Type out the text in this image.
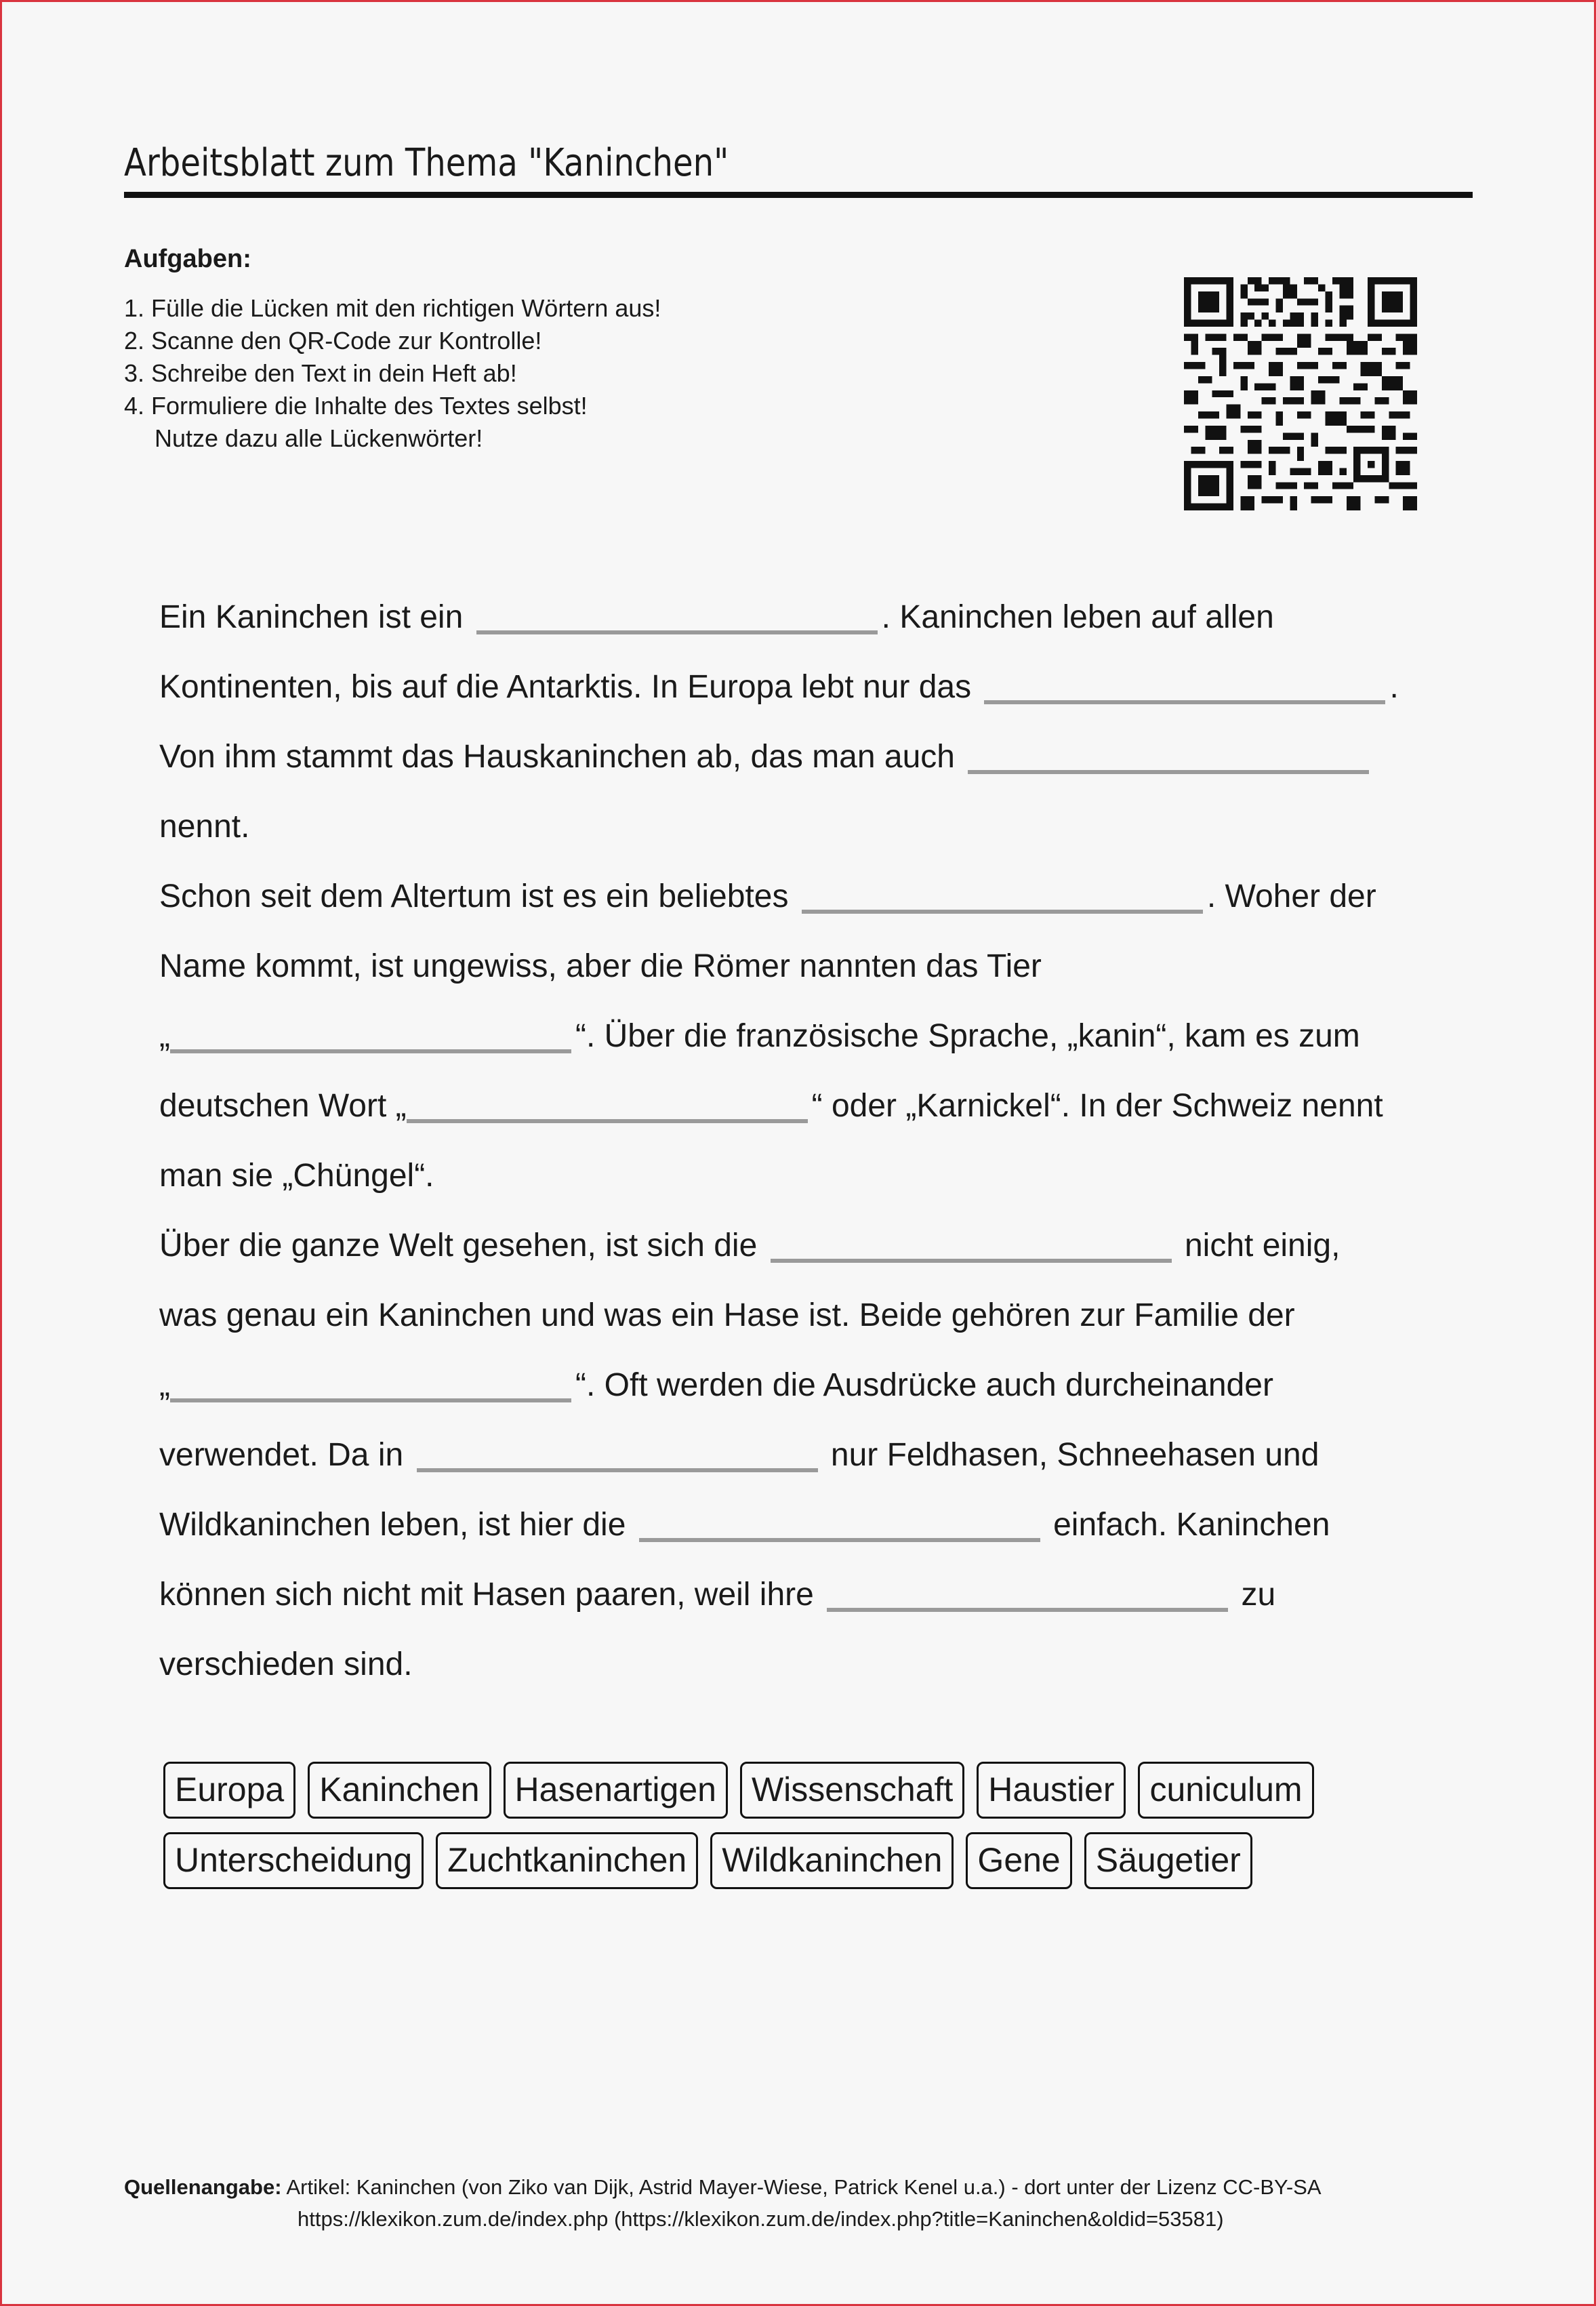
Arbeitsblatt zum Thema "Kaninchen"
Aufgaben:
1. Fülle die Lücken mit den richtigen Wörtern aus!
2. Scanne den QR-Code zur Kontrolle!
3. Schreibe den Text in dein Heft ab!
4. Formuliere die Inhalte des Textes selbst!
Nutze dazu alle Lückenwörter!
Ein Kaninchen ist ein	. Kaninchen leben auf allen
Kontinenten, bis auf die Antarktis. In Europa lebt nur das	.
Von ihm stammt das Hauskaninchen ab, das man auch
nennt.
Schon seit dem Altertum ist es ein beliebtes	. Woher der
Name kommt, ist ungewiss, aber die Römer nannten das Tier
„	“. Über die französische Sprache, „kanin“, kam es zum
deutschen Wort „	“ oder „Karnickel“. In der Schweiz nennt
man sie „Chüngel“.
Über die ganze Welt gesehen, ist sich die	nicht einig,
was genau ein Kaninchen und was ein Hase ist. Beide gehören zur Familie der
„	“. Oft werden die Ausdrücke auch durcheinander
verwendet. Da in	nur Feldhasen, Schneehasen und
Wildkaninchen leben, ist hier die	einfach. Kaninchen
können sich nicht mit Hasen paaren, weil ihre	zu
verschieden sind.
Europa	Kaninchen	Hasenartigen	Wissenschaft	Haustier	cuniculum
Unterscheidung	Zuchtkaninchen	Wildkaninchen	Gene	Säugetier
Quellenangabe: Artikel: Kaninchen (von Ziko van Dijk, Astrid Mayer-Wiese, Patrick Kenel u.a.) - dort unter der Lizenz CC-BY-SA
https://klexikon.zum.de/index.php (https://klexikon.zum.de/index.php?title=Kaninchen&oldid=53581)
